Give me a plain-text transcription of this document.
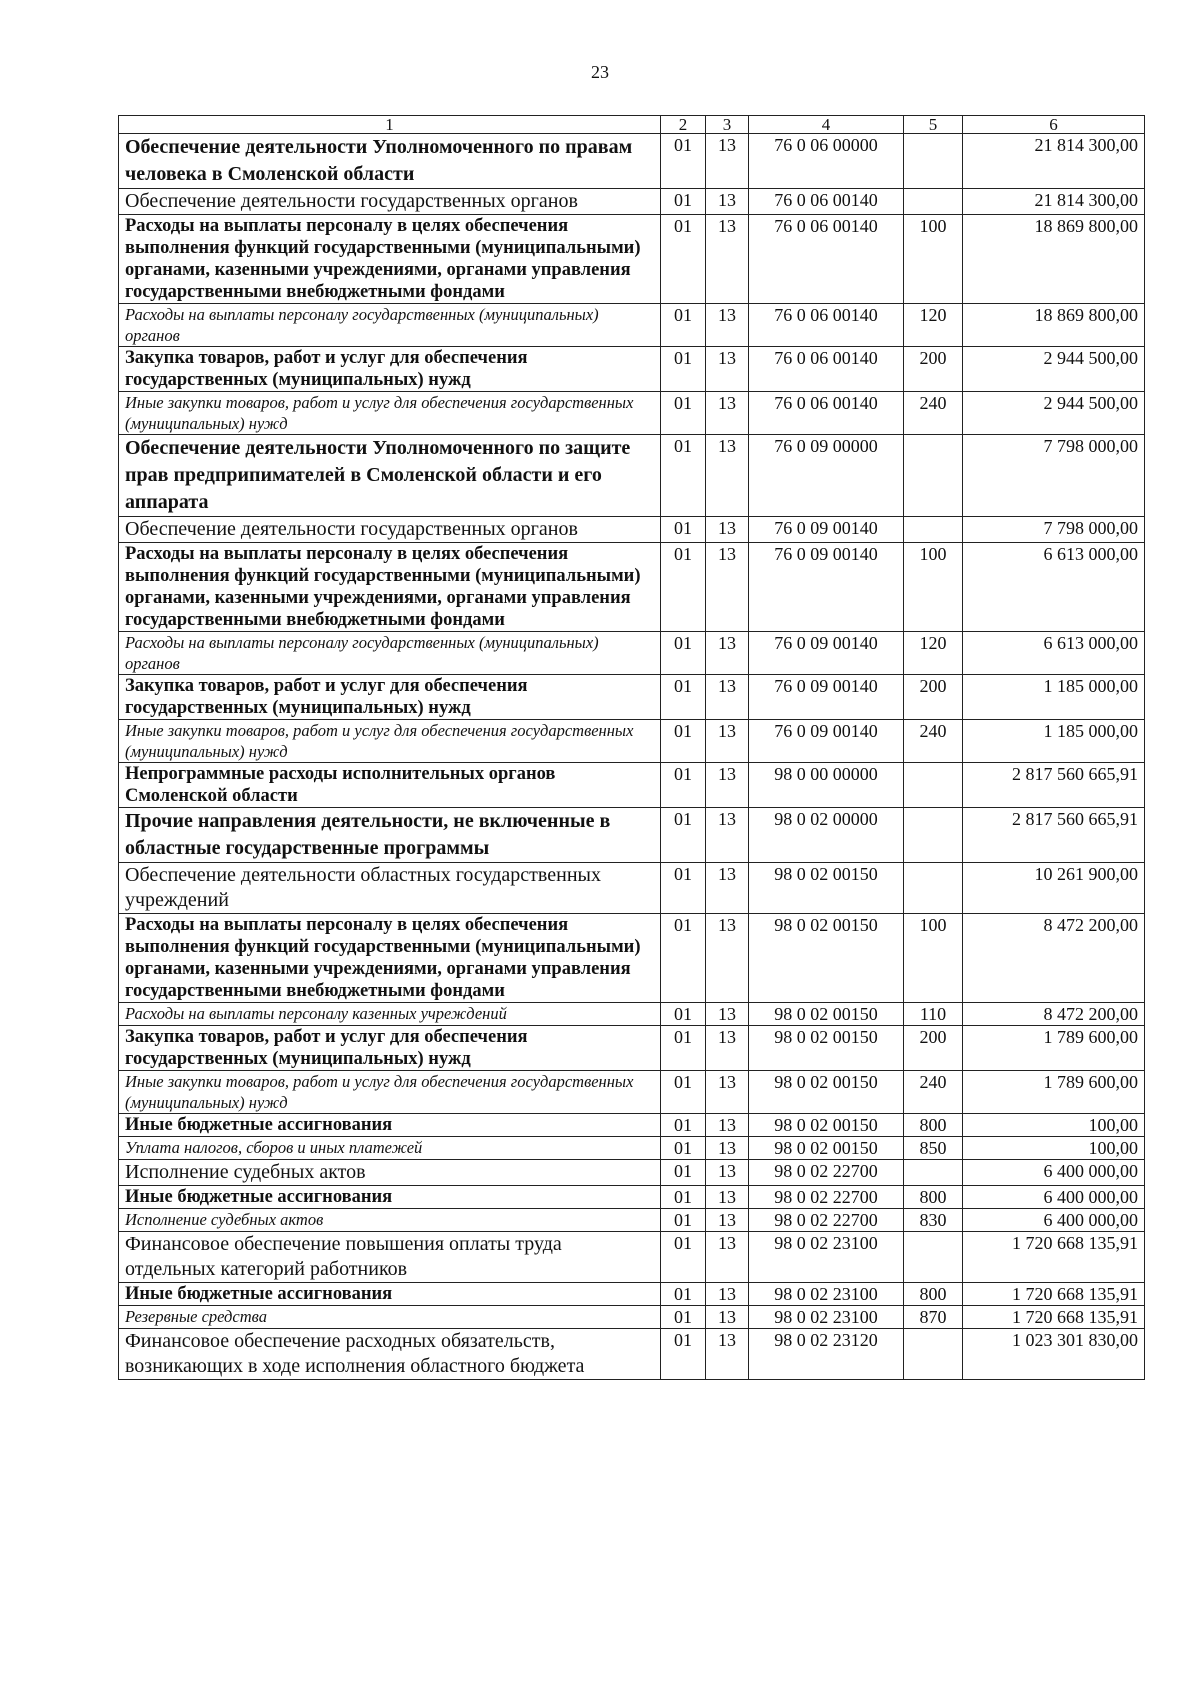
23
1	2	3	4	5	6
Обеспечение деятельности Уполномоченного по правам человека в Смоленской области	01	13	76 0 06 00000		21 814 300,00
Обеспечение деятельности государственных органов	01	13	76 0 06 00140		21 814 300,00
Расходы на выплаты персоналу в целях обеспечения выполнения функций государственными (муниципальными) органами, казенными учреждениями, органами управления государственными внебюджетными фондами	01	13	76 0 06 00140	100	18 869 800,00
Расходы на выплаты персоналу государственных (муниципальных) органов	01	13	76 0 06 00140	120	18 869 800,00
Закупка товаров, работ и услуг для обеспечения государственных (муниципальных) нужд	01	13	76 0 06 00140	200	2 944 500,00
Иные закупки товаров, работ и услуг для обеспечения государственных (муниципальных) нужд	01	13	76 0 06 00140	240	2 944 500,00
Обеспечение деятельности Уполномоченного по защите прав предприпимателей в Смоленской области и его аппарата	01	13	76 0 09 00000		7 798 000,00
Обеспечение деятельности государственных органов	01	13	76 0 09 00140		7 798 000,00
Расходы на выплаты персоналу в целях обеспечения выполнения функций государственными (муниципальными) органами, казенными учреждениями, органами управления государственными внебюджетными фондами	01	13	76 0 09 00140	100	6 613 000,00
Расходы на выплаты персоналу государственных (муниципальных) органов	01	13	76 0 09 00140	120	6 613 000,00
Закупка товаров, работ и услуг для обеспечения государственных (муниципальных) нужд	01	13	76 0 09 00140	200	1 185 000,00
Иные закупки товаров, работ и услуг для обеспечения государственных (муниципальных) нужд	01	13	76 0 09 00140	240	1 185 000,00
Непрограммные расходы исполнительных органов Смоленской области	01	13	98 0 00 00000		2 817 560 665,91
Прочие направления деятельности, не включенные в областные государственные программы	01	13	98 0 02 00000		2 817 560 665,91
Обеспечение деятельности областных государственных учреждений	01	13	98 0 02 00150		10 261 900,00
Расходы на выплаты персоналу в целях обеспечения выполнения функций государственными (муниципальными) органами, казенными учреждениями, органами управления государственными внебюджетными фондами	01	13	98 0 02 00150	100	8 472 200,00
Расходы на выплаты персоналу казенных учреждений	01	13	98 0 02 00150	110	8 472 200,00
Закупка товаров, работ и услуг для обеспечения государственных (муниципальных) нужд	01	13	98 0 02 00150	200	1 789 600,00
Иные закупки товаров, работ и услуг для обеспечения государственных (муниципальных) нужд	01	13	98 0 02 00150	240	1 789 600,00
Иные бюджетные ассигнования	01	13	98 0 02 00150	800	100,00
Уплата налогов, сборов и иных платежей	01	13	98 0 02 00150	850	100,00
Исполнение судебных актов	01	13	98 0 02 22700		6 400 000,00
Иные бюджетные ассигнования	01	13	98 0 02 22700	800	6 400 000,00
Исполнение судебных актов	01	13	98 0 02 22700	830	6 400 000,00
Финансовое обеспечение повышения оплаты труда отдельных категорий работников	01	13	98 0 02 23100		1 720 668 135,91
Иные бюджетные ассигнования	01	13	98 0 02 23100	800	1 720 668 135,91
Резервные средства	01	13	98 0 02 23100	870	1 720 668 135,91
Финансовое обеспечение расходных обязательств, возникающих в ходе исполнения областного бюджета	01	13	98 0 02 23120		1 023 301 830,00
